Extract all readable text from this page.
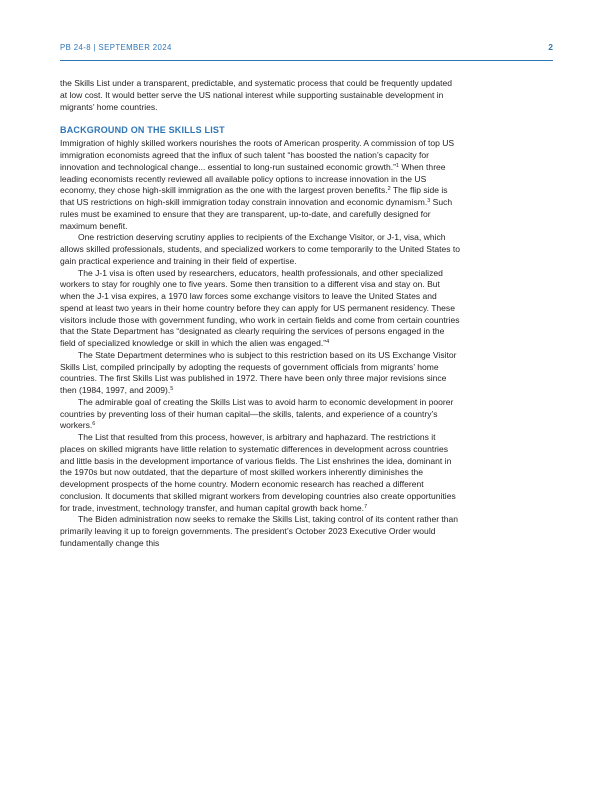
PB 24-8 | SEPTEMBER 2024	2

the Skills List under a transparent, predictable, and systematic process that could be frequently updated at low cost. It would better serve the US national interest while supporting sustainable development in migrants’ home countries.

BACKGROUND ON THE SKILLS LIST

Immigration of highly skilled workers nourishes the roots of American prosperity. A commission of top US immigration economists agreed that the influx of such talent “has boosted the nation’s capacity for innovation and technological change... essential to long-run sustained economic growth.”$^1$ When three leading economists recently reviewed all available policy options to increase innovation in the US economy, they chose high-skill immigration as the one with the largest proven benefits.$^2$ The flip side is that US restrictions on high-skill immigration today constrain innovation and economic dynamism.$^3$ Such rules must be examined to ensure that they are transparent, up-to-date, and carefully designed for maximum benefit.

One restriction deserving scrutiny applies to recipients of the Exchange Visitor, or J-1, visa, which allows skilled professionals, students, and specialized workers to come temporarily to the United States to gain practical experience and training in their field of expertise.

The J-1 visa is often used by researchers, educators, health professionals, and other specialized workers to stay for roughly one to five years. Some then transition to a different visa and stay on. But when the J-1 visa expires, a 1970 law forces some exchange visitors to leave the United States and spend at least two years in their home country before they can apply for US permanent residency. These visitors include those with government funding, who work in certain fields and come from certain countries that the State Department has “designated as clearly requiring the services of persons engaged in the field of specialized knowledge or skill in which the alien was engaged.”$^4$

The State Department determines who is subject to this restriction based on its US Exchange Visitor Skills List, compiled principally by adopting the requests of government officials from migrants’ home countries. The first Skills List was published in 1972. There have been only three major revisions since then (1984, 1997, and 2009).$^5$

The admirable goal of creating the Skills List was to avoid harm to economic development in poorer countries by preventing loss of their human capital—the skills, talents, and experience of a country’s workers.$^6$

The List that resulted from this process, however, is arbitrary and haphazard. The restrictions it places on skilled migrants have little relation to systematic differences in development across countries and little basis in the development importance of various fields. The List enshrines the idea, dominant in the 1970s but now outdated, that the departure of most skilled workers inherently diminishes the development prospects of the home country. Modern economic research has reached a different conclusion. It documents that skilled migrant workers from developing countries also create opportunities for trade, investment, technology transfer, and human capital growth back home.$^7$

The Biden administration now seeks to remake the Skills List, taking control of its content rather than primarily leaving it up to foreign governments. The president’s October 2023 Executive Order would fundamentally change this
